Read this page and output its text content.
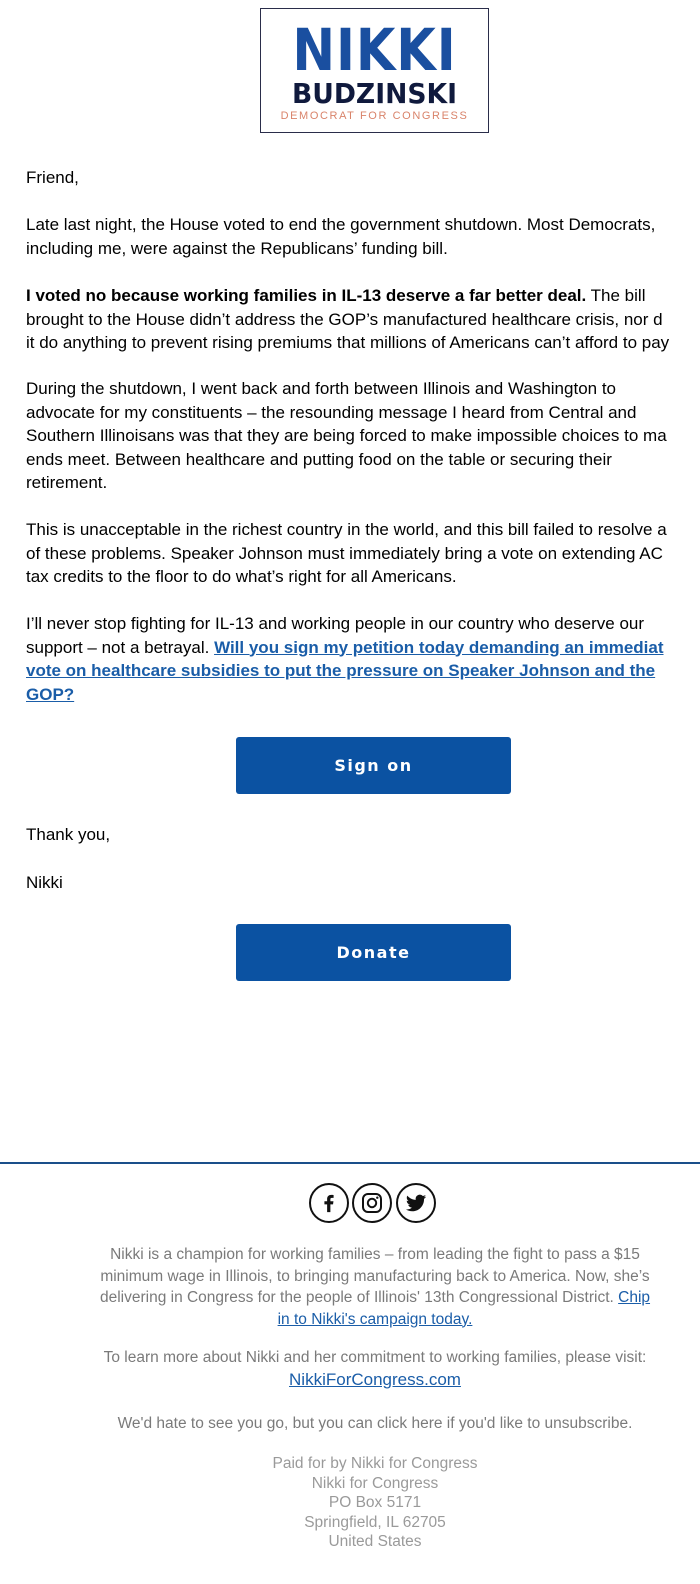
NIKKI
BUDZINSKI
DEMOCRAT FOR CONGRESS

Friend,

Late last night, the House voted to end the government shutdown. Most Democrats,

including me, were against the Republicans’ funding bill.

I voted no because working families in IL-13 deserve a far better deal. The bill

brought to the House didn’t address the GOP’s manufactured healthcare crisis, nor d

it do anything to prevent rising premiums that millions of Americans can’t afford to pay

During the shutdown, I went back and forth between Illinois and Washington to

advocate for my constituents – the resounding message I heard from Central and

Southern Illinoisans was that they are being forced to make impossible choices to ma

ends meet. Between healthcare and putting food on the table or securing their

retirement.

This is unacceptable in the richest country in the world, and this bill failed to resolve a

of these problems. Speaker Johnson must immediately bring a vote on extending AC

tax credits to the floor to do what’s right for all Americans.

I’ll never stop fighting for IL-13 and working people in our country who deserve our

support – not a betrayal. Will you sign my petition today demanding an immediat

vote on healthcare subsidies to put the pressure on Speaker Johnson and the

GOP?

Sign on
Thank you,
Nikki
Donate
Nikki is a champion for working families – from leading the fight to pass a $15
minimum wage in Illinois, to bringing manufacturing back to America. Now, she’s
delivering in Congress for the people of Illinois' 13th Congressional District. Chip
in to Nikki's campaign today.
To learn more about Nikki and her commitment to working families, please visit:
NikkiForCongress.com
We'd hate to see you go, but you can click here if you'd like to unsubscribe.
Paid for by Nikki for Congress
Nikki for Congress
PO Box 5171
Springfield, IL 62705
United States
